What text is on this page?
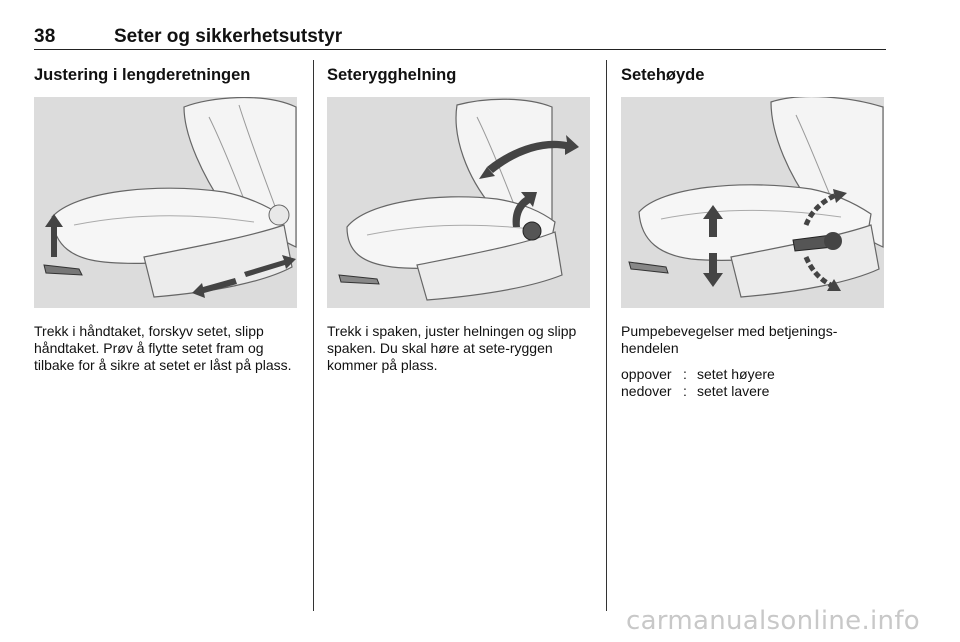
38	Seter og sikkerhetsutstyr
Justering i lengderetningen

Trekk i håndtaket, forskyv setet, slipp håndtaket. Prøv å flytte setet fram og tilbake for å sikre at setet er låst på plass.

Seterygghelning

Trekk i spaken, juster helningen og slipp spaken. Du skal høre at sete-ryggen kommer på plass.

Setehøyde

Pumpebevegelser med betjenings-hendelen

oppover : setet høyere
nedover : setet lavere
carmanualsonline.info
